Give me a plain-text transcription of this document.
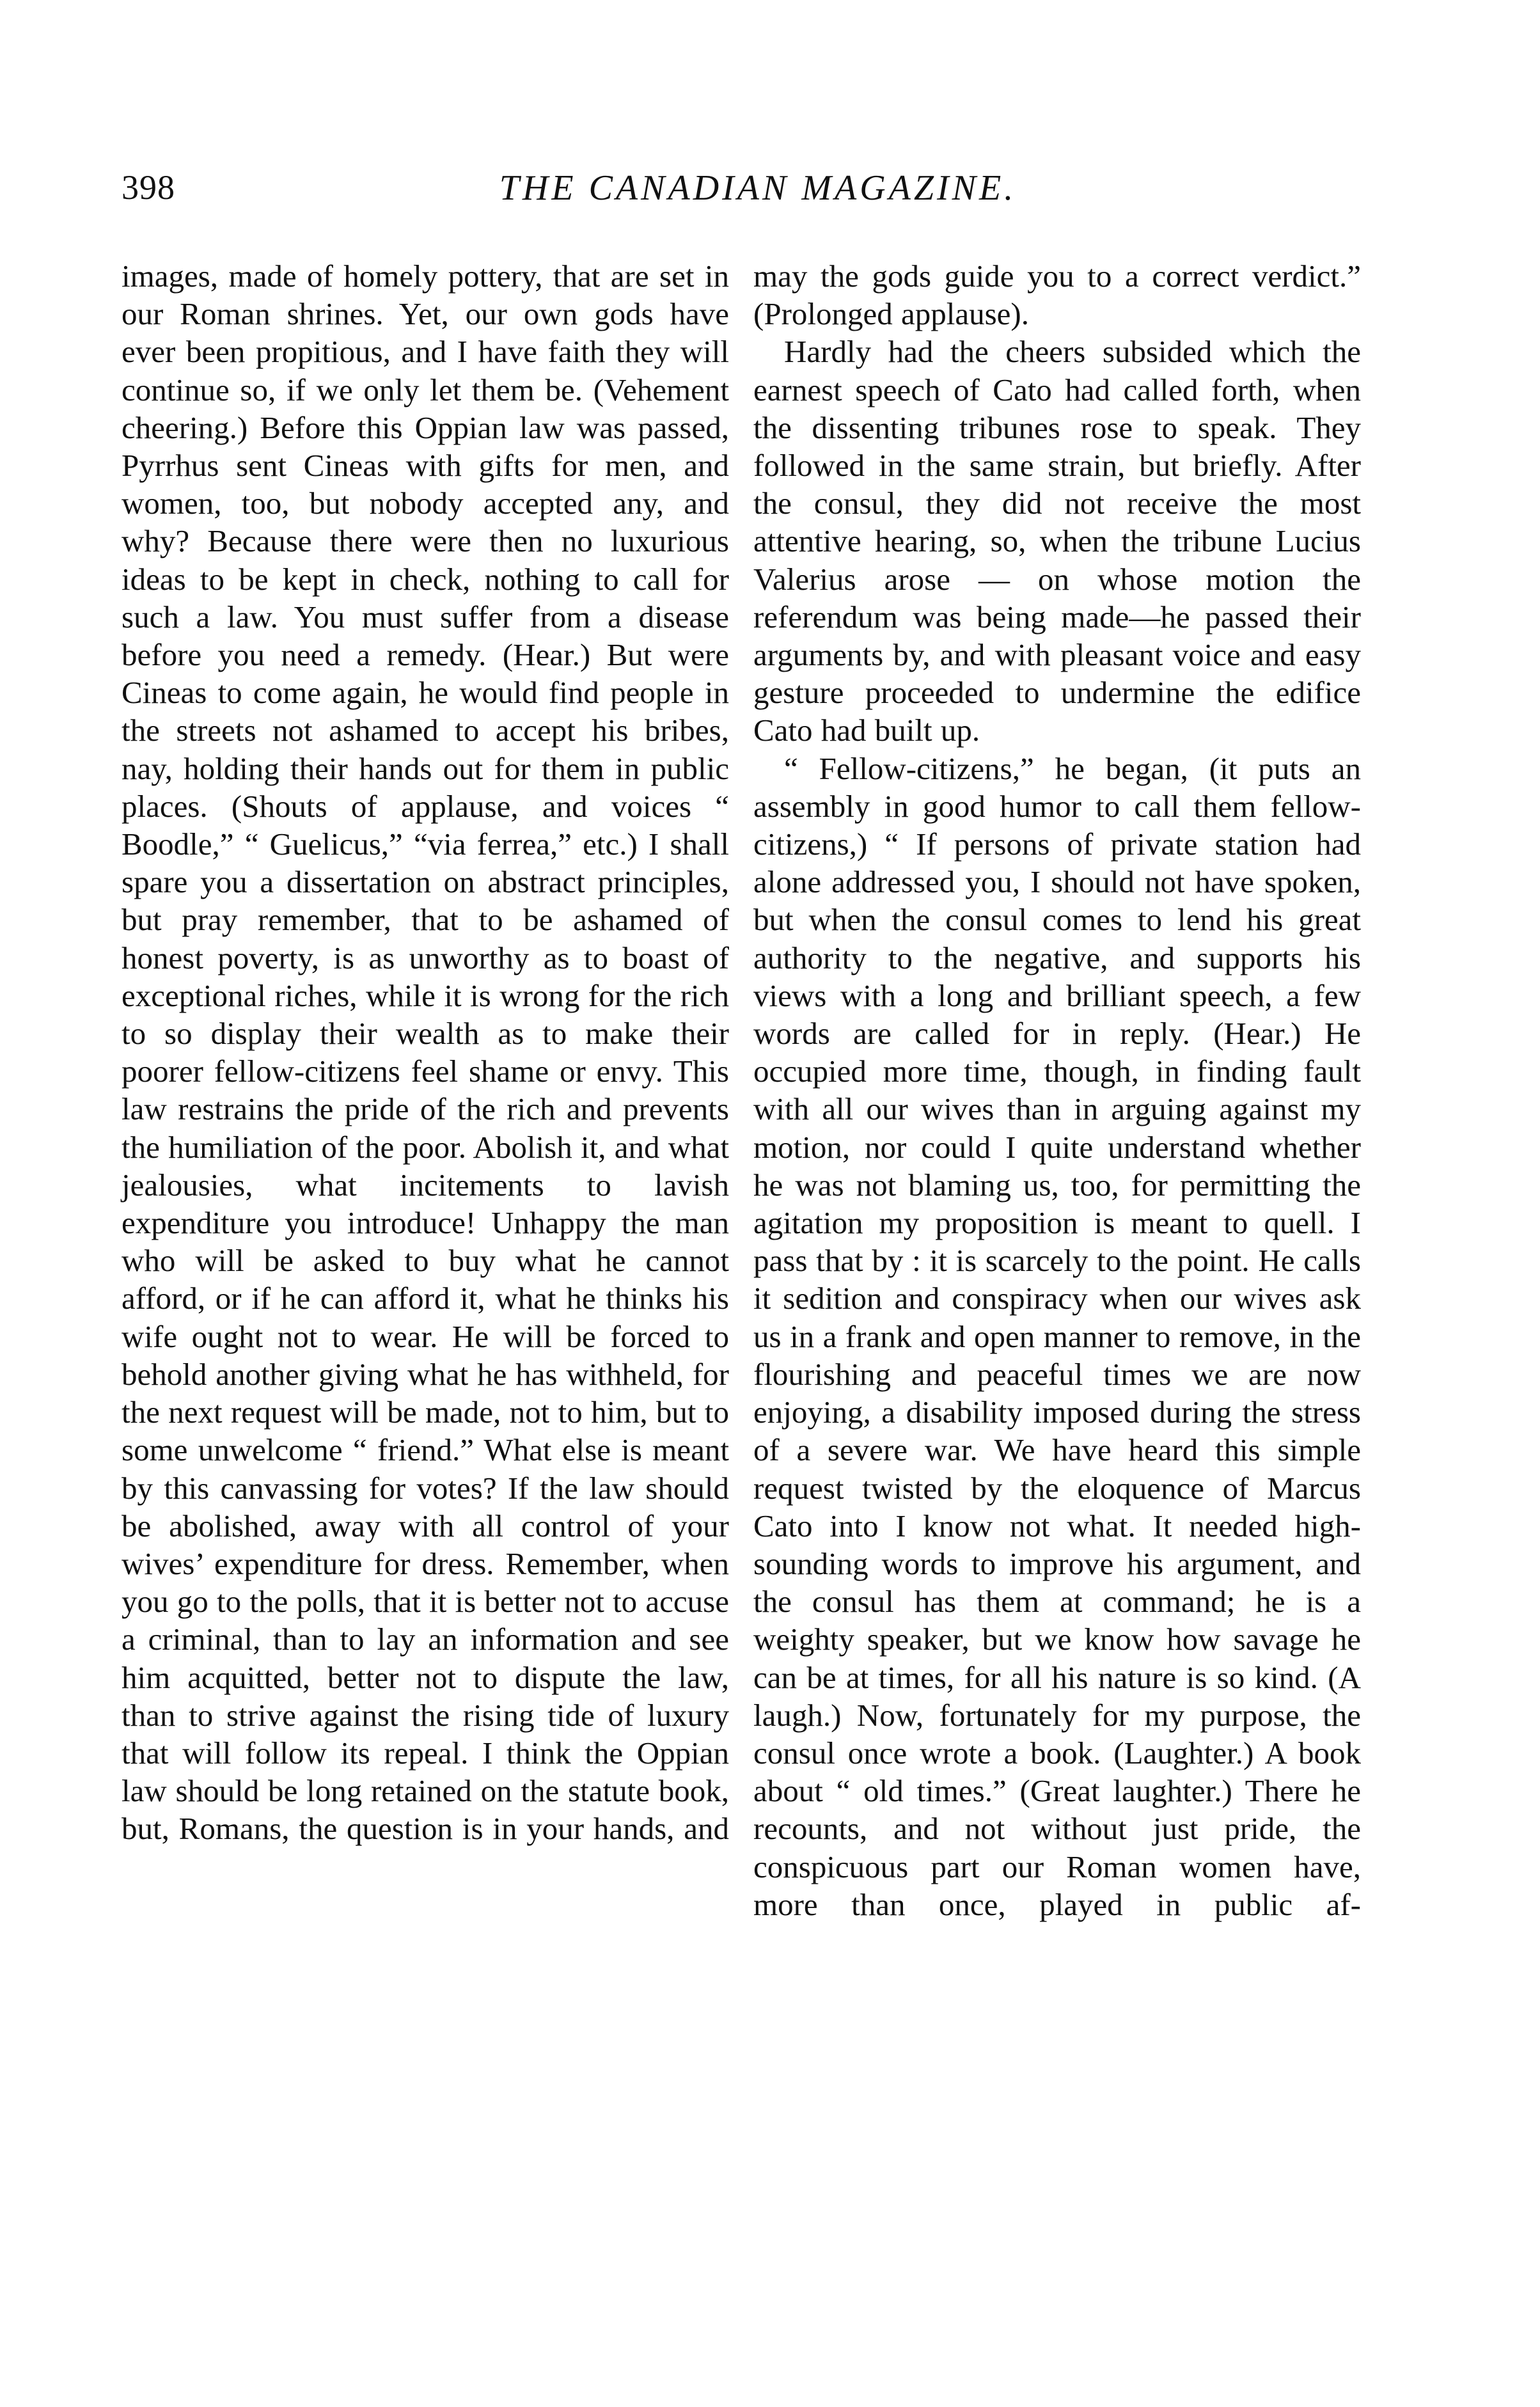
398	THE CANADIAN MAGAZINE.

images, made of homely pottery, that are set in our Roman shrines. Yet, our own gods have ever been propitious, and I have faith they will continue so, if we only let them be. (Vehement cheering.) Before this Oppian law was passed, Pyrrhus sent Cineas with gifts for men, and women, too, but nobody accepted any, and why? Because there were then no luxurious ideas to be kept in check, nothing to call for such a law. You must suffer from a disease before you need a remedy. (Hear.) But were Cineas to come again, he would find people in the streets not ashamed to accept his bribes, nay, holding their hands out for them in public places. (Shouts of applause, and voices “ Boodle,” “ Guelicus,” “via ferrea,” etc.) I shall spare you a dissertation on abstract principles, but pray remember, that to be ashamed of honest poverty, is as unworthy as to boast of exceptional riches, while it is wrong for the rich to so display their wealth as to make their poorer fellow-citizens feel shame or envy. This law restrains the pride of the rich and prevents the humiliation of the poor. Abolish it, and what jealousies, what incitements to lavish expenditure you introduce! Unhappy the man who will be asked to buy what he cannot afford, or if he can afford it, what he thinks his wife ought not to wear. He will be forced to behold another giving what he has withheld, for the next request will be made, not to him, but to some unwelcome “ friend.” What else is meant by this canvassing for votes? If the law should be abolished, away with all control of your wives’ expenditure for dress. Remember, when you go to the polls, that it is better not to accuse a criminal, than to lay an information and see him acquitted, better not to dispute the law, than to strive against the rising tide of luxury that will follow its repeal. I think the Oppian law should be long retained on the statute book, but, Romans, the question is in your hands, and

may the gods guide you to a correct verdict.” (Prolonged applause).

Hardly had the cheers subsided which the earnest speech of Cato had called forth, when the dissenting tribunes rose to speak. They followed in the same strain, but briefly. After the consul, they did not receive the most attentive hearing, so, when the tribune Lucius Valerius arose — on whose motion the referendum was being made—he passed their arguments by, and with pleasant voice and easy gesture proceeded to undermine the edifice Cato had built up.

“ Fellow-citizens,” he began, (it puts an assembly in good humor to call them fellow-citizens,) “ If persons of private station had alone addressed you, I should not have spoken, but when the consul comes to lend his great authority to the negative, and supports his views with a long and brilliant speech, a few words are called for in reply. (Hear.) He occupied more time, though, in finding fault with all our wives than in arguing against my motion, nor could I quite understand whether he was not blaming us, too, for permitting the agitation my proposition is meant to quell. I pass that by : it is scarcely to the point. He calls it sedition and conspiracy when our wives ask us in a frank and open manner to remove, in the flourishing and peaceful times we are now enjoying, a disability imposed during the stress of a severe war. We have heard this simple request twisted by the eloquence of Marcus Cato into I know not what. It needed high-sounding words to improve his argument, and the consul has them at command; he is a weighty speaker, but we know how savage he can be at times, for all his nature is so kind. (A laugh.) Now, fortunately for my purpose, the consul once wrote a book. (Laughter.) A book about “ old times.” (Great laughter.) There he recounts, and not without just pride, the conspicuous part our Roman women have, more than once, played in public af-
